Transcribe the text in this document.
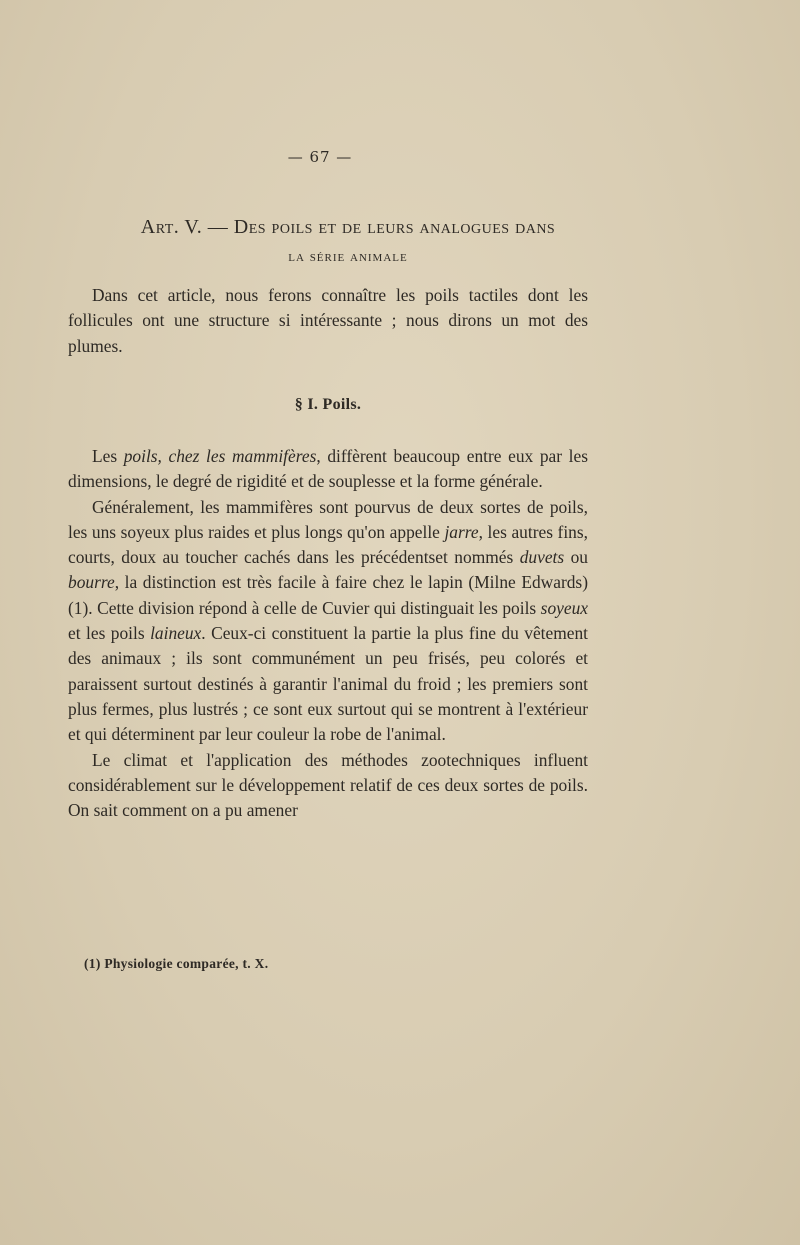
— 67 —
Art. V. — Des poils et de leurs analogues dans
la série animale

Dans cet article, nous ferons connaître les poils tactiles dont les follicules ont une structure si intéressante ; nous dirons un mot des plumes.

§ I. Poils.

Les poils, chez les mammifères, diffèrent beaucoup entre eux par les dimensions, le degré de rigidité et de souplesse et la forme générale.

Généralement, les mammifères sont pourvus de deux sortes de poils, les uns soyeux plus raides et plus longs qu'on appelle jarre, les autres fins, courts, doux au toucher cachés dans les précédentset nommés duvets ou bourre, la distinction est très facile à faire chez le lapin (Milne Edwards) (1). Cette division répond à celle de Cuvier qui distinguait les poils soyeux et les poils laineux. Ceux-ci constituent la partie la plus fine du vêtement des animaux ; ils sont communément un peu frisés, peu colorés et paraissent surtout destinés à garantir l'animal du froid ; les premiers sont plus fermes, plus lustrés ; ce sont eux surtout qui se montrent à l'extérieur et qui déterminent par leur couleur la robe de l'animal.

Le climat et l'application des méthodes zootechniques influent considérablement sur le développement relatif de ces deux sortes de poils. On sait comment on a pu amener

(1) Physiologie comparée, t. X.
